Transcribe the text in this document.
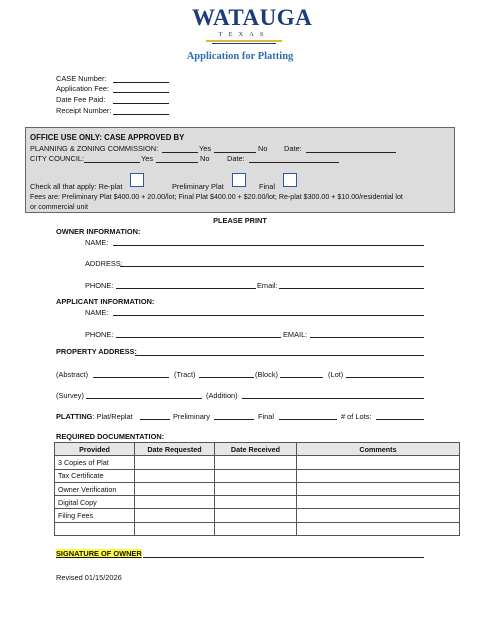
WATAUGA
TEXAS
Application for Platting
CASE Number:
Application Fee:
Date Fee Paid:
Receipt Number:
OFFICE USE ONLY: CASE APPROVED BY
PLANNING & ZONING COMMISSION:	Yes	No Date:
CITY COUNCIL:	Yes	No Date:
Check all that apply: Re-plat	Preliminary Plat	Final
Fees are: Preliminary Plat $400.00 + 20.00/lot; Final Plat $400.00 + $20.00/lot; Re-plat $300.00 + $10.00/residential lot
or commercial unit
PLEASE PRINT
OWNER INFORMATION:
NAME:
ADDRESS:
PHONE:	Email:
APPLICANT INFORMATION:
NAME:
PHONE:	EMAIL:
PROPERTY ADDRESS:
(Abstract)	(Tract)	(Block)	(Lot)
(Survey)	(Addition)
PLATTING: Plat/Replat	Preliminary	Final	# of Lots:
REQUIRED DOCUMENTATION:
Provided	Date Requested	Date Received	Comments
3 Copies of Plat			
Tax Certificate			
Owner Verification			
Digital Copy			
Filing Fees			

SIGNATURE OF OWNER
Revised 01/15/2026
